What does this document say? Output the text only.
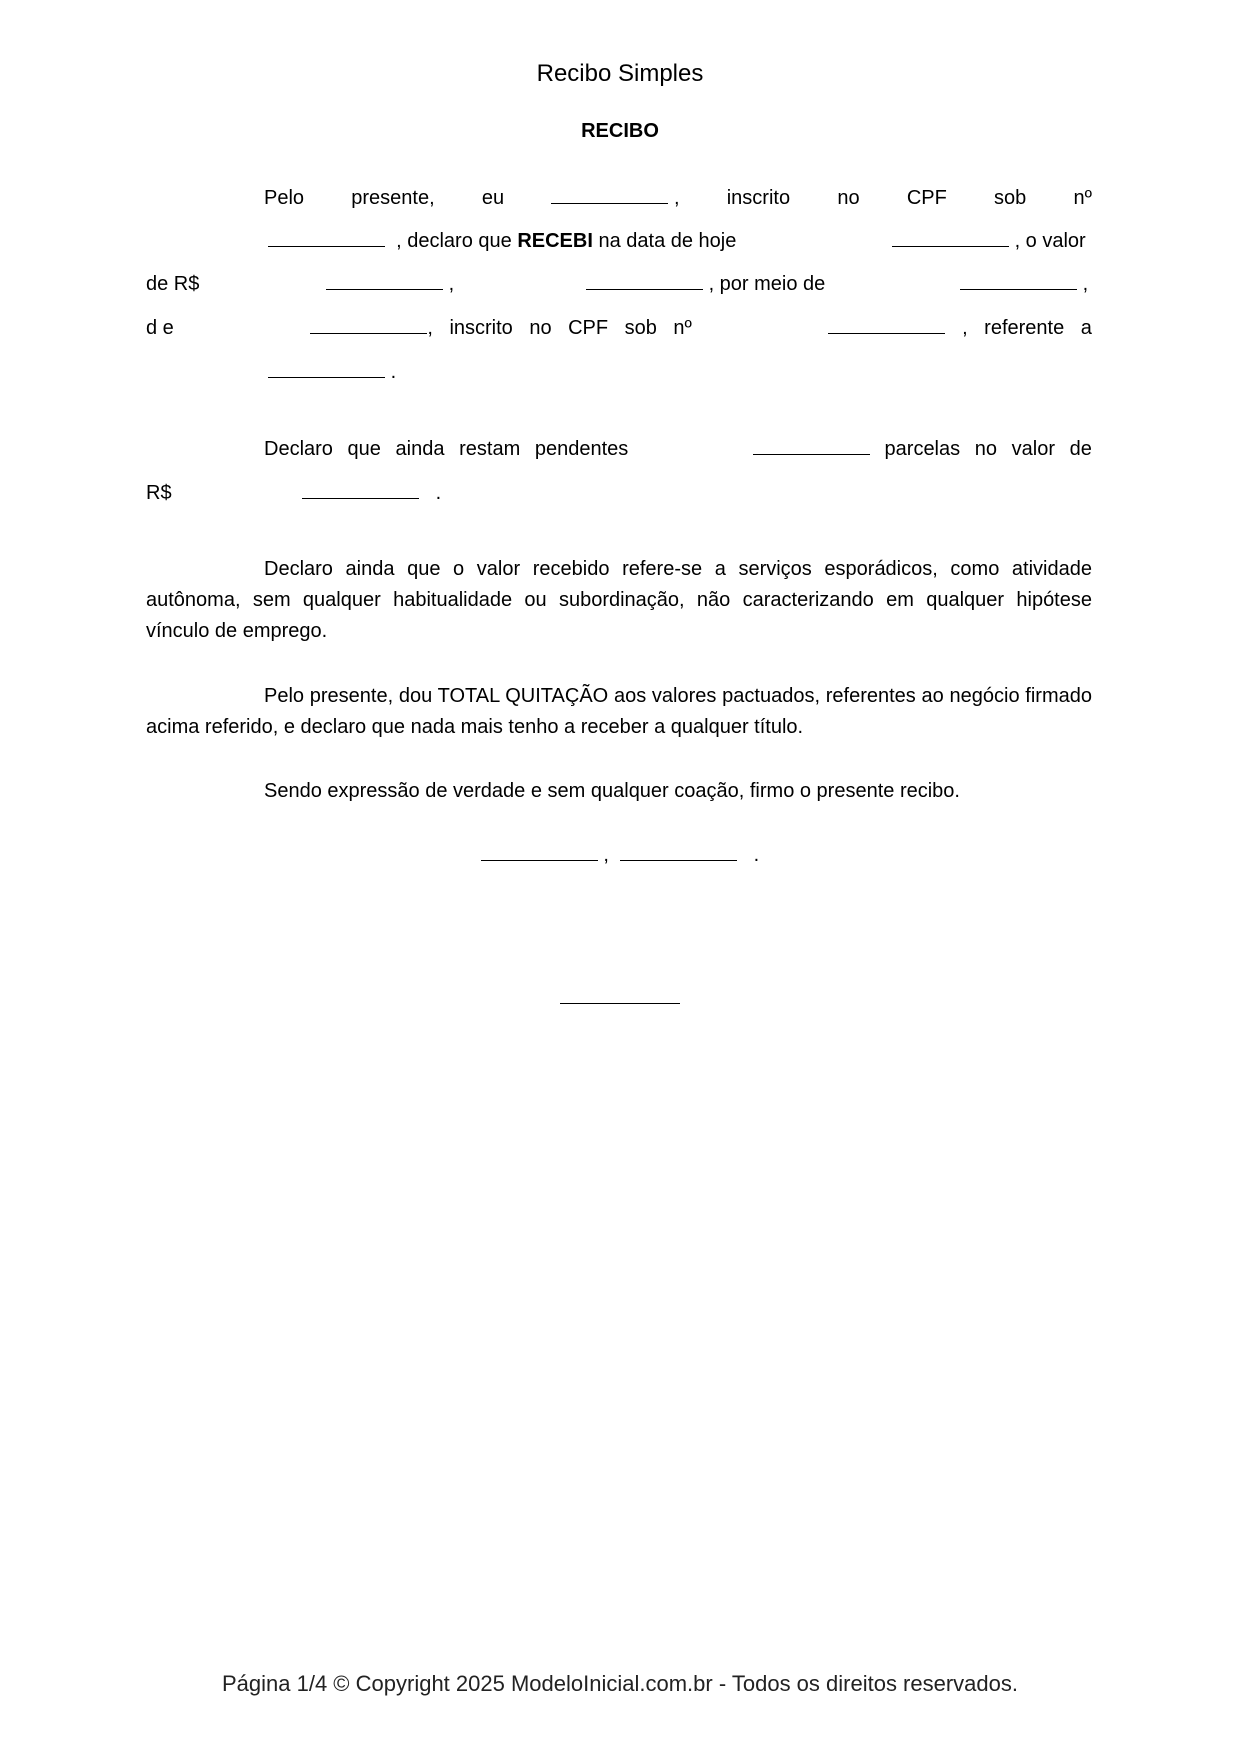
Recibo Simples
RECIBO
Pelo presente, eu	, inscrito no CPF sob nº
, declaro que RECEBI na data de hoje	, o valor
de R$	,	, por meio de	,
d e	, inscrito no CPF sob nº	, referente a
.
Declaro que ainda restam pendentes	parcelas no valor de
R$	.
Declaro ainda que o valor recebido refere-se a serviços esporádicos, como atividade autônoma, sem qualquer habitualidade ou subordinação, não caracterizando em qualquer hipótese vínculo de emprego.
Pelo presente, dou TOTAL QUITAÇÃO aos valores pactuados, referentes ao negócio firmado acima referido, e declaro que nada mais tenho a receber a qualquer título.
Sendo expressão de verdade e sem qualquer coação, firmo o presente recibo.
,	.
Página 1/4 © Copyright 2025 ModeloInicial.com.br - Todos os direitos reservados.
